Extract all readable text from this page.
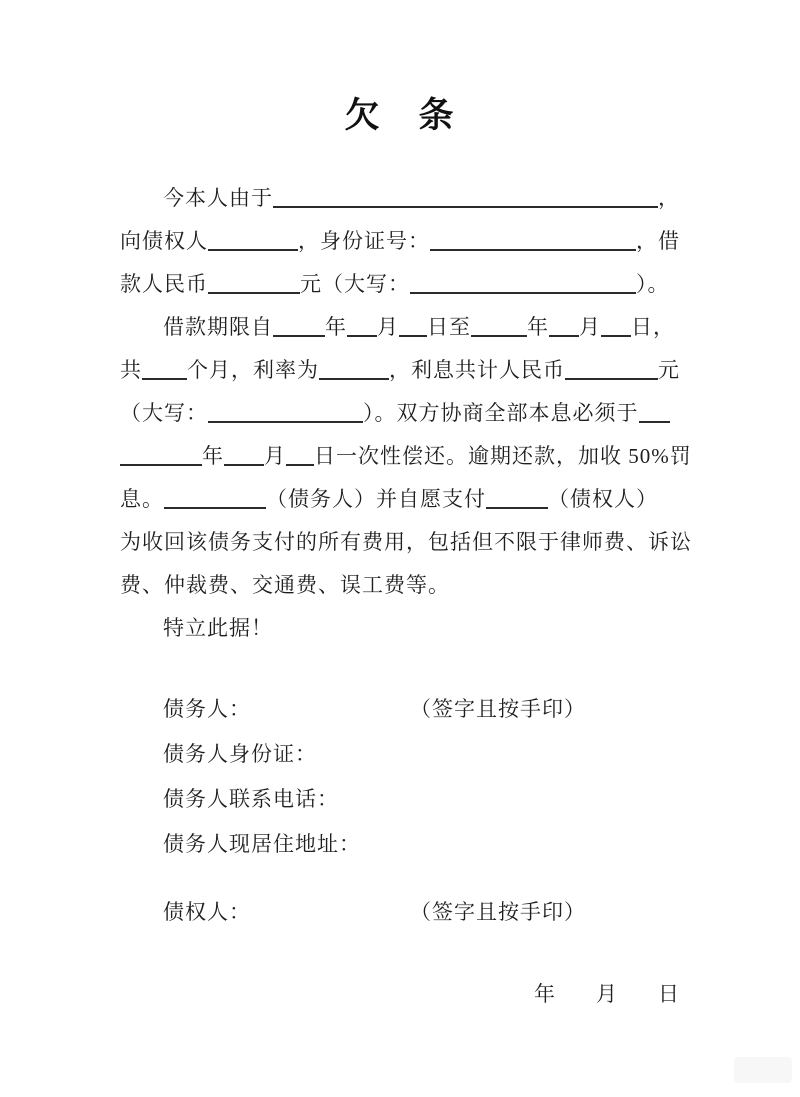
欠　条
今本人由于	，
向债权人	，身份证号：	，借
款人民币	元（大写：	）。
借款期限自 年 月 日至	年 月 日，
共 个月，利率为	，利息共计人民币	元
（大写：	）。双方协商全部本息必须于
年 月 日一次性偿还。逾期还款，加收 50%罚
息。	（债务人）并自愿支付	（债权人）
为收回该债务支付的所有费用，包括但不限于律师费、诉讼
费、仲裁费、交通费、误工费等。
特立此据！
债务人：	（签字且按手印）
债务人身份证：
债务人联系电话：
债务人现居住地址：
债权人：	（签字且按手印）
年 月 日
